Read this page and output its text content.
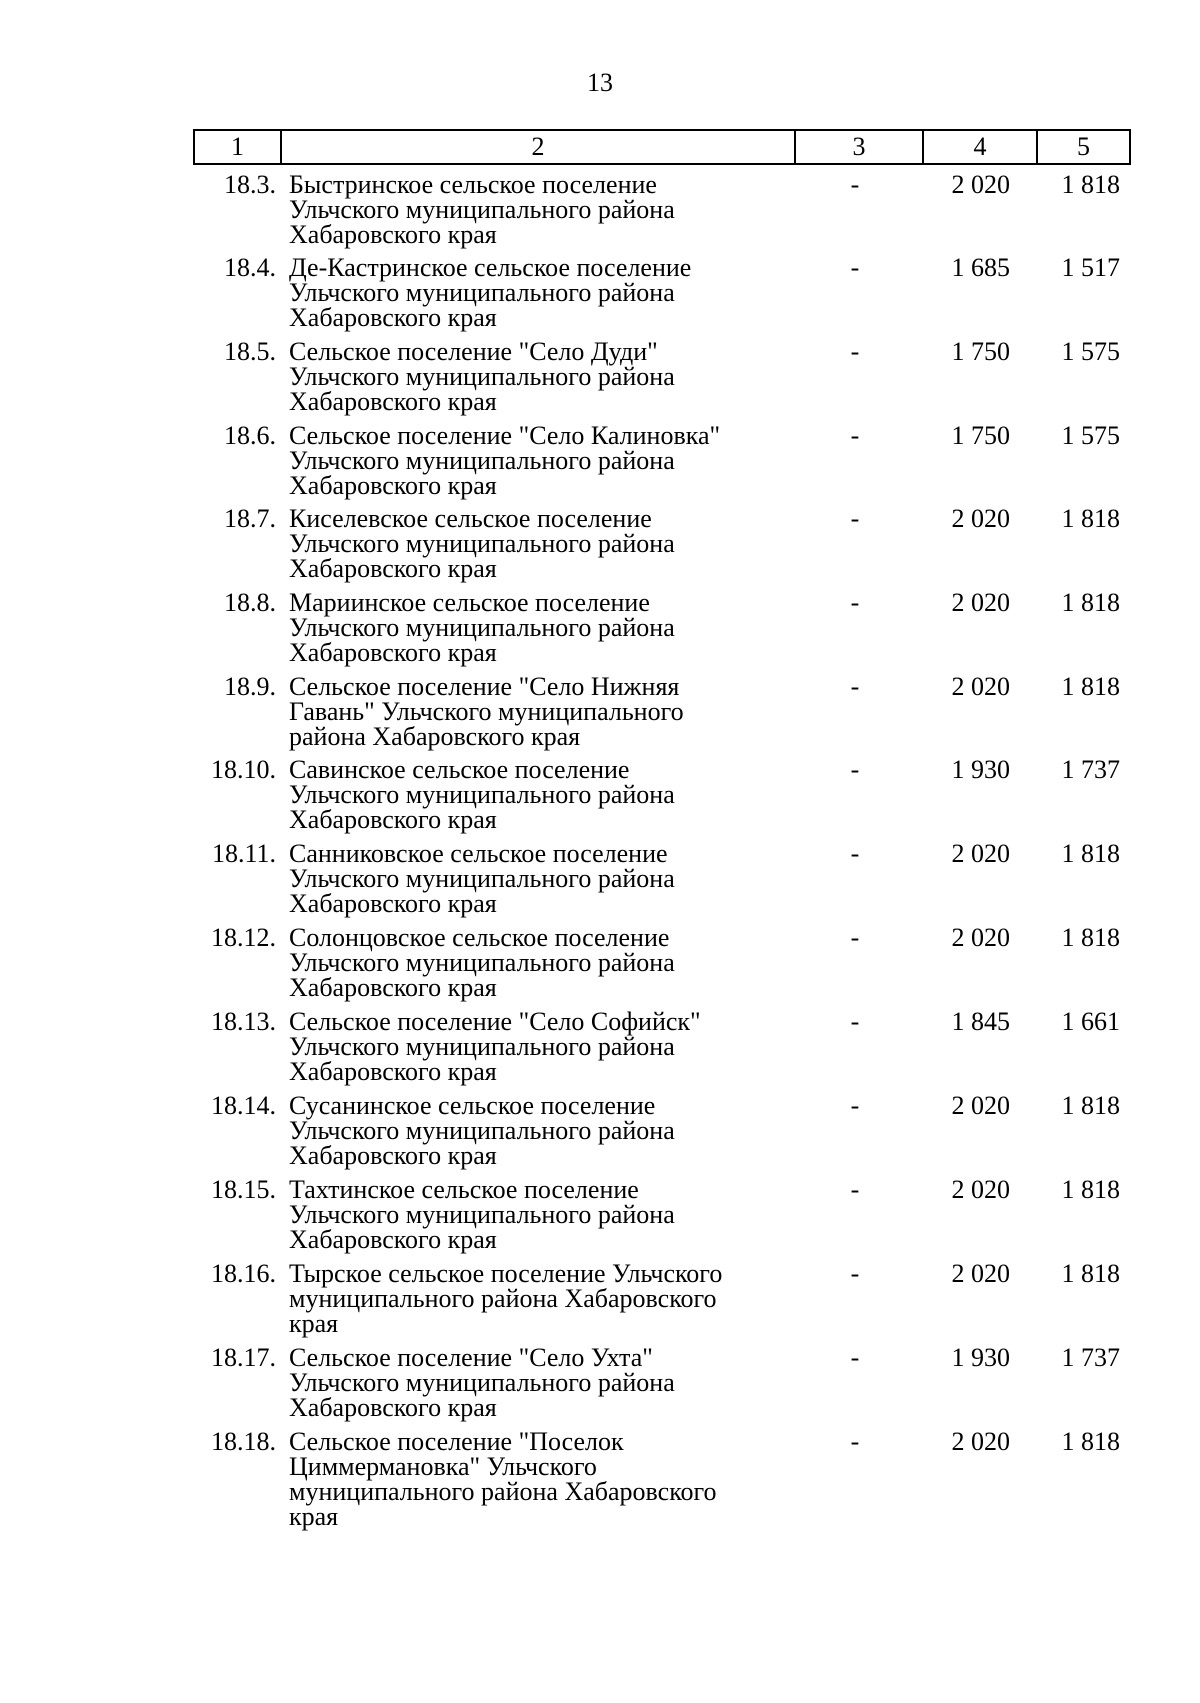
13
1	2	3	4	5
18.3. Быстринское сельское поселение
Ульчского муниципального района
Хабаровского края
-	2 020	1 818
18.4. Де-Кастринское сельское поселение
Ульчского муниципального района
Хабаровского края
-	1 685	1 517
18.5. Сельское поселение "Село Дуди"
Ульчского муниципального района
Хабаровского края
-	1 750	1 575
18.6. Сельское поселение "Село Калиновка"
Ульчского муниципального района
Хабаровского края
-	1 750	1 575
18.7. Киселевское сельское поселение
Ульчского муниципального района
Хабаровского края
-	2 020	1 818
18.8. Мариинское сельское поселение
Ульчского муниципального района
Хабаровского края
-	2 020	1 818
18.9. Сельское поселение "Село Нижняя
Гавань" Ульчского муниципального
района Хабаровского края
-	2 020	1 818
18.10. Савинское сельское поселение
Ульчского муниципального района
Хабаровского края
-	1 930	1 737
18.11. Санниковское сельское поселение
Ульчского муниципального района
Хабаровского края
-	2 020	1 818
18.12. Солонцовское сельское поселение
Ульчского муниципального района
Хабаровского края
-	2 020	1 818
18.13. Сельское поселение "Село Софийск"
Ульчского муниципального района
Хабаровского края
-	1 845	1 661
18.14. Сусанинское сельское поселение
Ульчского муниципального района
Хабаровского края
-	2 020	1 818
18.15. Тахтинское сельское поселение
Ульчского муниципального района
Хабаровского края
-	2 020	1 818
18.16. Тырское сельское поселение Ульчского
муниципального района Хабаровского
края
-	2 020	1 818
18.17. Сельское поселение "Село Ухта"
Ульчского муниципального района
Хабаровского края
-	1 930	1 737
18.18. Сельское поселение "Поселок
Циммермановка" Ульчского
муниципального района Хабаровского
края
-	2 020	1 818
